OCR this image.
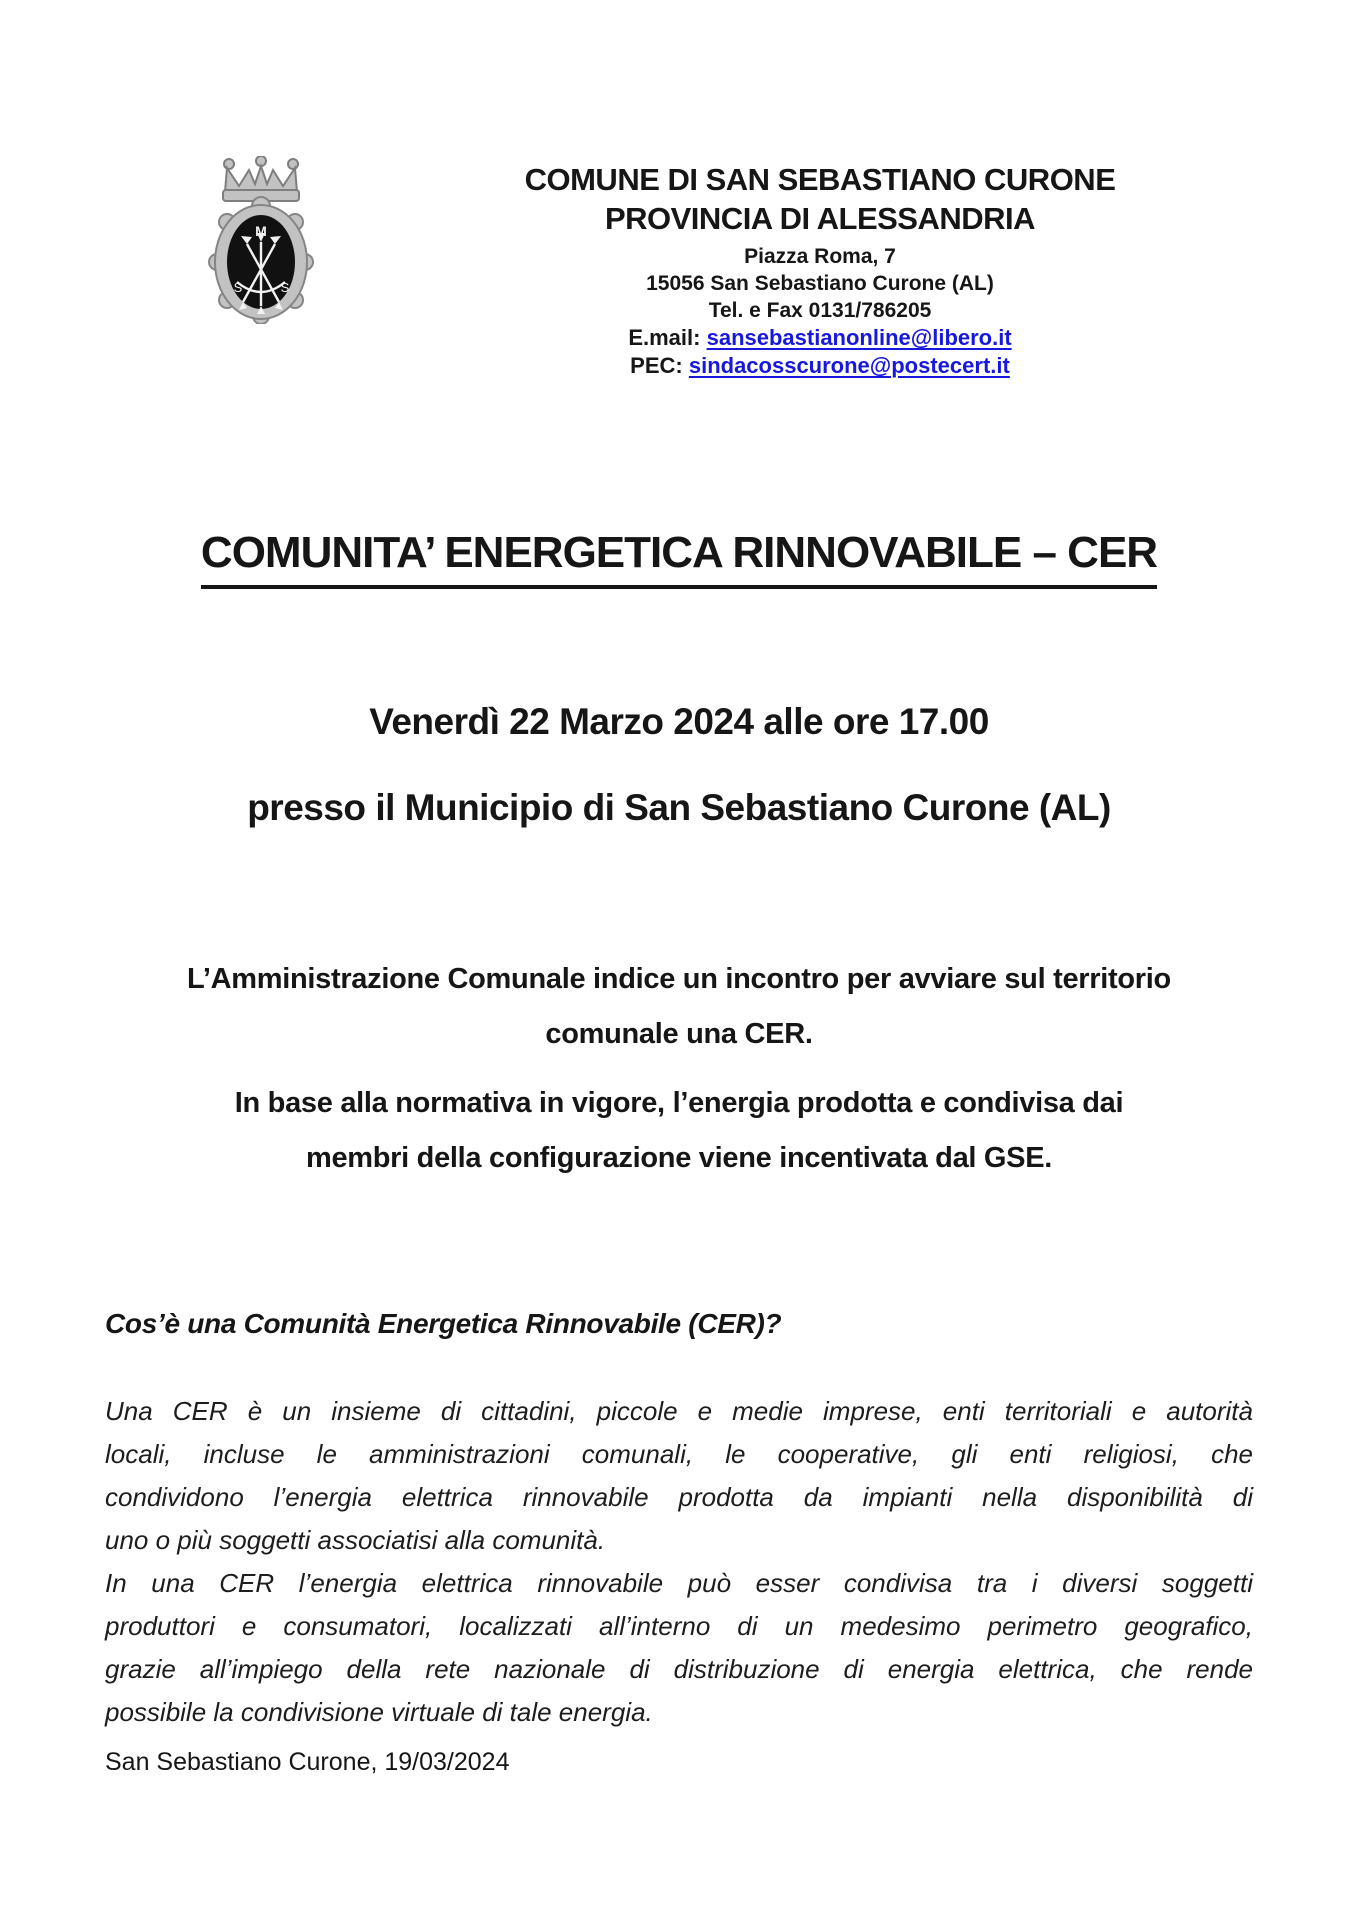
M
S	S
COMUNE DI SAN SEBASTIANO CURONE
PROVINCIA DI ALESSANDRIA
Piazza Roma, 7
15056 San Sebastiano Curone (AL)
Tel. e Fax 0131/786205
E.mail: sansebastianonline@libero.it
PEC: sindacosscurone@postecert.it
COMUNITA’ ENERGETICA RINNOVABILE – CER
Venerdì 22 Marzo 2024 alle ore 17.00
presso il Municipio di San Sebastiano Curone (AL)
L’Amministrazione Comunale indice un incontro per avviare sul territorio
comunale una CER.
In base alla normativa in vigore, l’energia prodotta e condivisa dai
membri della configurazione viene incentivata dal GSE.
Cos’è una Comunità Energetica Rinnovabile (CER)?
Una CER è un insieme di cittadini, piccole e medie imprese, enti territoriali e autorità
locali, incluse le amministrazioni comunali, le cooperative, gli enti religiosi, che
condividono l’energia elettrica rinnovabile prodotta da impianti nella disponibilità di
uno o più soggetti associatisi alla comunità.
In una CER l’energia elettrica rinnovabile può esser condivisa tra i diversi soggetti
produttori e consumatori, localizzati all’interno di un medesimo perimetro geografico,
grazie all’impiego della rete nazionale di distribuzione di energia elettrica, che rende
possibile la condivisione virtuale di tale energia.
San Sebastiano Curone, 19/03/2024
